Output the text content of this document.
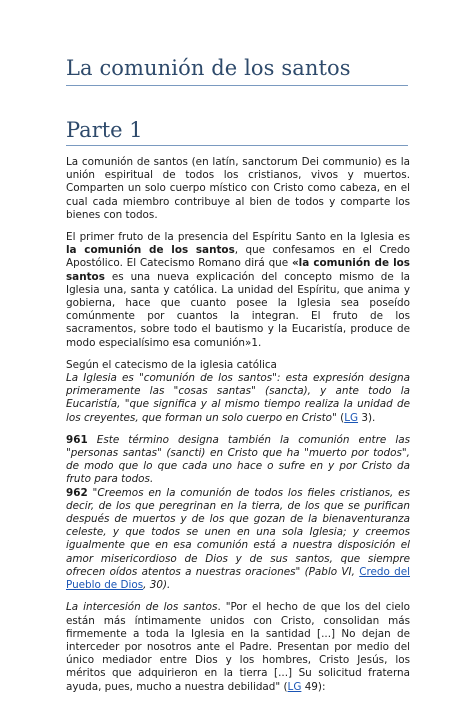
La comunión de los santos
Parte 1

La comunión de santos (en latín, sanctorum Dei communio) es la unión espiritual de todos los cristianos, vivos y muertos. Comparten un solo cuerpo místico con Cristo como cabeza, en el cual cada miembro contribuye al bien de todos y comparte los bienes con todos.

El primer fruto de la presencia del Espíritu Santo en la Iglesia es la comunión de los santos, que confesamos en el Credo Apostólico. El Catecismo Romano dirá que «la comunión de los santos es una nueva explicación del concepto mismo de la Iglesia una, santa y católica. La unidad del Espíritu, que anima y gobierna, hace que cuanto posee la Iglesia sea poseído comúnmente por cuantos la integran. El fruto de los sacramentos, sobre todo el bautismo y la Eucaristía, produce de modo especialísimo esa comunión»1.

Según el catecismo de la iglesia católica

La Iglesia es "comunión de los santos": esta expresión designa primeramente las "cosas santas" (sancta), y ante todo la Eucaristía, "que significa y al mismo tiempo realiza la unidad de los creyentes, que forman un solo cuerpo en Cristo" (LG 3).

961 Este término designa también la comunión entre las "personas santas" (sancti) en Cristo que ha "muerto por todos", de modo que lo que cada uno hace o sufre en y por Cristo da fruto para todos.
962 "Creemos en la comunión de todos los fieles cristianos, es decir, de los que peregrinan en la tierra, de los que se purifican después de muertos y de los que gozan de la bienaventuranza celeste, y que todos se unen en una sola Iglesia; y creemos igualmente que en esa comunión está a nuestra disposición el amor misericordioso de Dios y de sus santos, que siempre ofrecen oídos atentos a nuestras oraciones" (Pablo VI, Credo del Pueblo de Dios, 30).

La intercesión de los santos. "Por el hecho de que los del cielo están más íntimamente unidos con Cristo, consolidan más firmemente a toda la Iglesia en la santidad [...] No dejan de interceder por nosotros ante el Padre. Presentan por medio del único mediador entre Dios y los hombres, Cristo Jesús, los méritos que adquirieron en la tierra [...] Su solicitud fraterna ayuda, pues, mucho a nuestra debilidad" (LG 49):
